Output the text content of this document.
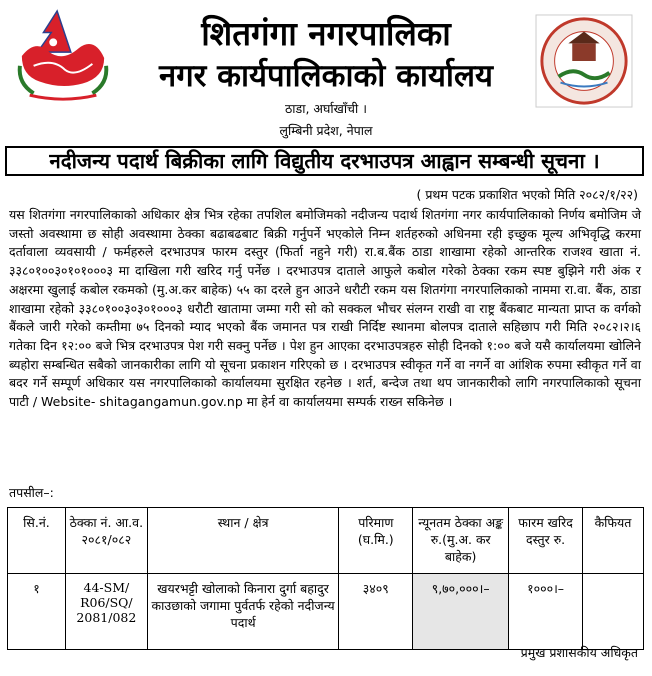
शितगंगा नगरपालिका
नगर कार्यपालिकाको कार्यालय
ठाडा, अर्घाखाँची ।
लुम्बिनी प्रदेश, नेपाल
नदीजन्य पदार्थ बिक्रीका लागि विद्युतीय दरभाउपत्र आह्वान सम्बन्धी सूचना ।
( प्रथम पटक प्रकाशित भएको मिति २०८२/१/२२)

यस शितगंगा नगरपालिकाको अधिकार क्षेत्र भित्र रहेका तपशिल बमोजिमको नदीजन्य पदार्थ शितगंगा नगर कार्यपालिकाको निर्णय बमोजिम जे जस्तो अवस्थामा छ सोही अवस्थामा ठेक्का बढाबढबाट बिक्री गर्नुपर्ने भएकोले निम्न शर्तहरुको अधिनमा रही इच्छुक मूल्य अभिवृद्धि करमा दर्तावाला व्यवसायी / फर्महरुले दरभाउपत्र फारम दस्तुर (फिर्ता नहुने गरी) रा.ब.बैंक ठाडा शाखामा रहेको आन्तरिक राजश्व खाता नं. ३३८०१००३०१०१०००३ मा दाखिला गरी खरिद गर्नु पर्नेछ । दरभाउपत्र दाताले आफुले कबोल गरेको ठेक्का रकम स्पष्ट बुझिने गरी अंक र अक्षरमा खुलाई कबोल रकमको (मु.अ.कर बाहेक) ५५ का दरले हुन आउने धरौटी रकम यस शितगंगा नगरपालिकाको नाममा रा.वा. बैंक, ठाडा शाखामा रहेको ३३८०१००३०३०१०००३ धरौटी खातामा जम्मा गरी सो को सक्कल भौचर संलग्न राखी वा राष्ट्र बैंकबाट मान्यता प्राप्त क वर्गको बैंकले जारी गरेको कम्तीमा ७५ दिनको म्याद भएको बैंक जमानत पत्र राखी निर्दिष्ट स्थानमा बोलपत्र दाताले सहिछाप गरी मिति २०८२।२।६ गतेका दिन १२:०० बजे भित्र दरभाउपत्र पेश गरी सक्नु पर्नेछ । पेश हुन आएका दरभाउपत्रहरु सोही दिनको १:०० बजे यसै कार्यालयमा खोलिने ब्यहोरा सम्बन्धित सबैको जानकारीका लागि यो सूचना प्रकाशन गरिएको छ । दरभाउपत्र स्वीकृत गर्ने वा नगर्ने वा आंशिक रुपमा स्वीकृत गर्ने वा बदर गर्ने सम्पूर्ण अधिकार यस नगरपालिकाको कार्यालयमा सुरक्षित रहनेछ । शर्त, बन्देज तथा थप जानकारीको लागि नगरपालिकाको सूचना पाटी / Website- shitagangamun.gov.np मा हेर्न वा कार्यालयमा सम्पर्क राख्न सकिनेछ ।

तपसील–:
सि.नं.	ठेक्का नं. आ.व. २०८१/०८२	स्थान / क्षेत्र	परिमाण (घ.मि.)	न्यूनतम ठेक्का अङ्क रु.(मु.अ. कर बाहेक)	फारम खरिद दस्तुर रु.	कैफियत
१	44-SM/ R06/SQ/ 2081/082	खयरभट्टी खोलाको किनारा दुर्गा बहादुर काउछाको जगामा पुर्वतर्फ रहेको नदीजन्य पदार्थ	३४०९	९,७०,०००।–	१०००।–	
प्रमुख प्रशासकीय अधिकृत
